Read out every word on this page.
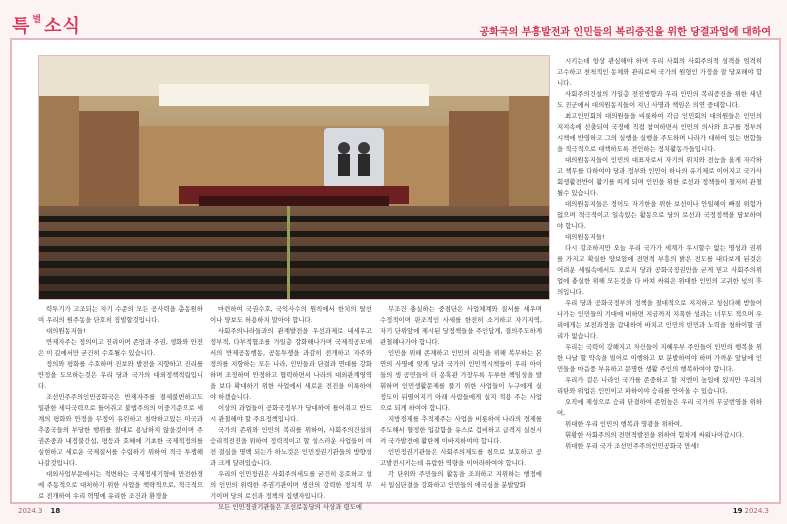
특 $^별$ 소식	공화국의 부흥발전과 인민들의 복리증진을 위한 당결과업에 대하여

력투기가 고조되는 자기 수준의 모든 공사력을 총동원하여 우리의 원주동을 단호히 징벌할것입니다.

대의원동지들!

반제자주는 정의이고 진리이며 존엄과 주권, 생화와 안전은 이 길에서만 굳건히 수호될수 있습니다.

정의와 평화를 수호하며 진보와 발전을 지향하고 진리를 안정을 도모하는것은 우리 당과 국가의 대외정책적립입니다.

조선민주주의인민공화국은 반제자주를 절세불변하고도 일관한 세디국력으로 틀어쥐고 불법주의의 이중기준으로 세계의 평화와 안정을 무정이 유린하고 침략하고있는 미국과 추종국들의 부당한 행위를 절대로 용납하지 않을것이며 주권존중과 내정불간섭, 평등과 호혜에 기초한 국제적정의를 실현하고 세로운 국제질서를 수립하기 위하여 적극 투쟁해나갈것입니다.

대외사업부문에서는 적변하는 국제정세기형에 만전한경에 주동적으로 대처하기 위한 사업을 책략적으로, 적극적으로 전개하여 우리 혁명에 유리한 조건과 환경을

마련하여 국권수호, 국익사수의 원칙에서 한치의 탈선이나 양보도 허용하지 말아야 합니다.

사회주의나라들과의 관계발전을 우선과제로 내세우고 정부적, 다부적협조를 가일층 강화해나가며 국제적공모에서의 반제공동행동, 공동투쟁을 과감히 전개하고 자주와 정의를 지향하는 모든 나라, 인민들과 단결과 연대를 강화하며 조정하여 안정하고 협력하면서 나라의 대외관계영역을 보다 확대하기 위한 사업에서 새로운 전진을 이룩하여야 하겠습니다.

이상의 과업들이 공화국정부가 당대하여 틀어쥐고 반드시 관철해야 할 주요정책입니다.

국가의 존위와 인민의 복리를 위하여, 사회주의건설의 승리적전진을 위하여 정력적이고 할 성스러운 사업들이 여전 결심을 명백 되는가 하노것은 인민정권기관들의 방향성과 크게 달려있습니다.

우리의 인민정권은 사회주의세도를 굳건히 옹호하고 성의 인민의 위력한 주권기관이며 생산의 강력한 정치적 무기이며 당의 로선과 정책의 집행자입니다.

모든 인민정권기관들은 조선로동당의 사상과 령도에

무조건 충실하는 중점단은 사업체계와 질서를 세우며 수정적이며 판조적인 사세를 한전히 소거하고 자기지역, 자기 단위앞에 제시된 당정책들을 주인답게, 결의주도하게 관철해나가야 합니다.

인민을 위해 존재하고 인민의 리익을 위해 복무하는 본연의 사명에 맞게 당과 국가의 인민적시책들이 우리 아이들의 생 공민들이 더 옹혹관 가장두록 두루한 책임성을 발휘하며 인민생활문제를 풀기 위한 사업들이 누구에게 실 정도이 뒤떨어지기 아래 사람들에게 실지 적용 주는 사업으로 되게 하여야 합니다.

지방경제를 추적제주는 사업을 비롯하여 나라의 경제를 주도해서 혈정한 입갈함을 유스로 겁비하고 급격지 실천시켜 국가발전에 활탄께 이바지하여야 합니다.

인민정권기관들은 사회주의제도를 침으로 보호하고 공고발전시키는데 유람한 역량을 이어라하여야 합니다.

각 단위와 주민들의 활동을 조죄하고 지위하는 행정에서 일심단결을 강화하고 인민들의 애국심을 분발앞화

시키는데 항상 관심해야 하며 우리 사회의 사회주의적 성격을 엄격히 고수하고 천척적인 동체와 관리로써 국가의 원형인 가정을 잘 당포해야 합니다.

사회주의건설의 가일층 전진방향과 우리 인민의 복리증진을 위한 새년도 진군에서 대의원동지들이 지닌 사명과 책임은 의연 중대합니다.

최고인민회의 대의원들을 비롯하여 각급 인민회의 대의원들은 인민의 지지속에 선출되여 국정에 직접 참여하면서 인민의 의사와 요구를 정부의 시책에 반영하고 그의 실행을 실행을 주도하며 나라가 대하여 있는 변합들을 적극적으로 대책하도록 견인하는 정치활동가들입니다.

대의원동지들이 인민의 대표자로서 자기의 위치와 전능을 올게 자각하고 책무를 다하여야 당과 정부와 인민이 하나의 유기체로 이어지고 국가사회생활전반이 활기를 띠게 되며 인민을 위한 로선과 정책들이 철저히 관철될수 있습니다.

대의원동지들은 정이도 자기한을 위한 보선이나 안일해이 빠질 위험가 없으며 적극적이고 일속있는 활동으로 당의 로선과 국정정책을 담보하여야 합니다.

대의원동지들!

다시 강조하지만 오늘 우리 국가가 세계가 우시할수 없는 명성과 권위를 가지고 확실한 양보앞에 전면적 부흥의 밝은 전도를 내다보게 된것은 어려운 세월속에서도 오로지 당과 공화국정권만을 굳게 믿고 사회주의위업에 충실한 위해 모든것을 다 바쳐 싸워온 위대한 인민의 고귀한 넋의 후의입니다.

우리 당과 공화국정부의 정책을 절대적으로 지지하고 성심다해 받들어나가는 인민들의 기대에 비하면 지금까지 지폭한 성과는 너무도 적으며 우리에게는 보전과정을 갑내하여 바치고 인민의 빈민과 노력을 청하이할 권리가 없습니다.

우리는 국력이 강해지고 자신들이 지혜우부 주인들이 인민의 행복을 위한 나날 할 약속을 빌어로 이행하고 보 분발하여야 하며 가까운 앞날에 인민들을 마음풍 부유하고 문명한 생활 주인의 행복하여야 합니다.

우리가 걸은 나라인 국가를 존중하고 할 지엔이 높입에 있지만 우리의 리탄와 위업은 인민이고 파하이야 승리를 안아올 수 있습니다.

오직에 재성으로 승리 단결하여 존엄높은 우리 국가의 무궁번영을 위하여,

위대한 우리 인민의 행복과 영광을 위하여,

휘황한 사회주의의 전면적발전을 위하여 힘차게 싸워나아갑시다.

위대한 우리 국가 조선민주주의인민공화국 만세!

2024.3 18	19 2024.3
